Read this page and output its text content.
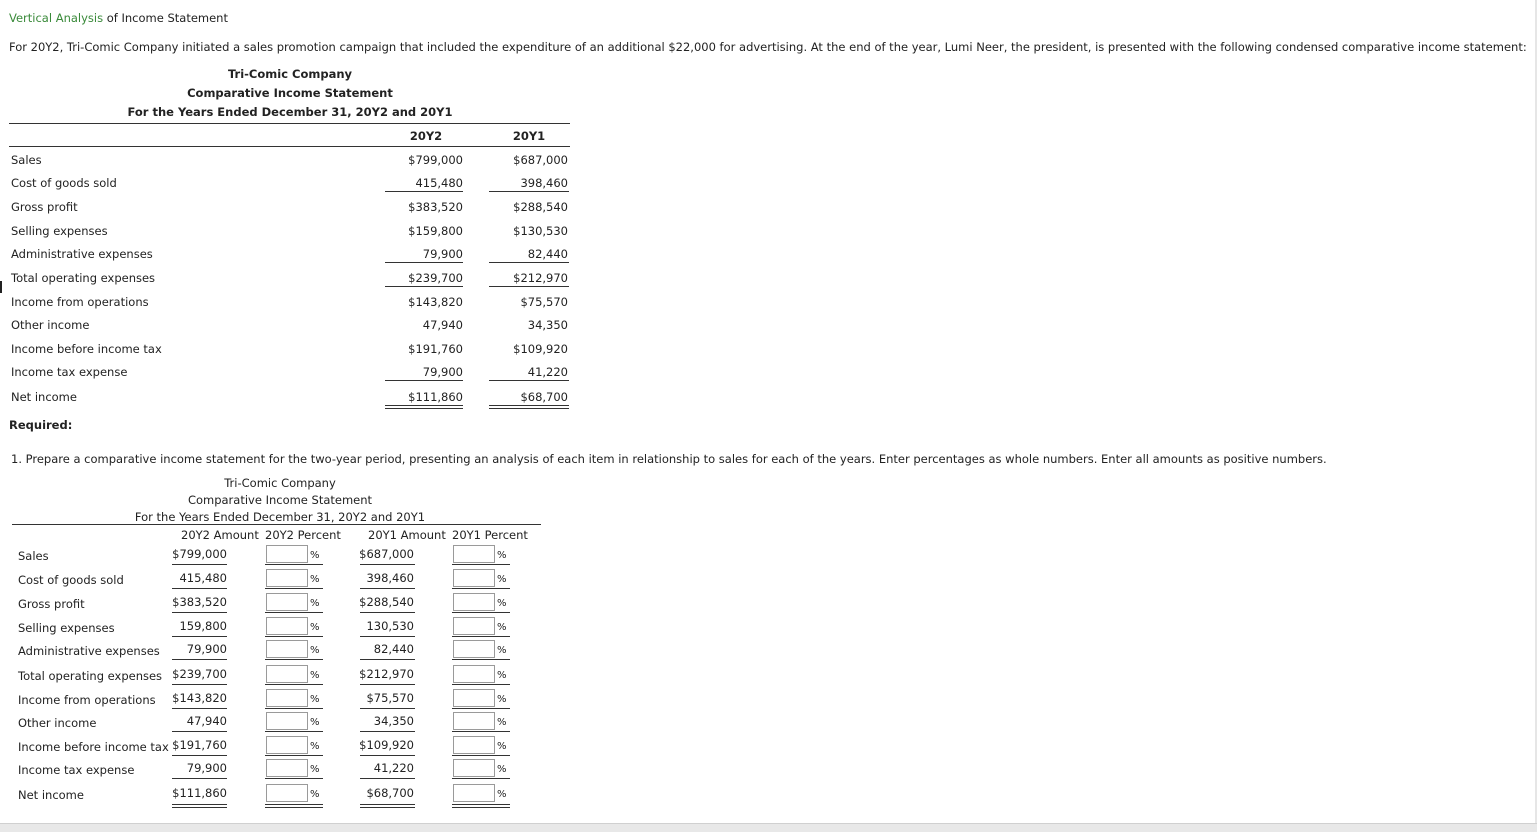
Vertical Analysis of Income Statement
For 20Y2, Tri-Comic Company initiated a sales promotion campaign that included the expenditure of an additional $22,000 for advertising. At the end of the year, Lumi Neer, the president, is presented with the following condensed comparative income statement:
Tri-Comic Company
Comparative Income Statement
For the Years Ended December 31, 20Y2 and 20Y1
20Y2	20Y1
Sales	$799,000	$687,000
Cost of goods sold	415,480	398,460
Gross profit	$383,520	$288,540
Selling expenses	$159,800	$130,530
Administrative expenses	79,900	82,440
Total operating expenses	$239,700	$212,970
Income from operations	$143,820	$75,570
Other income	47,940	34,350
Income before income tax	$191,760	$109,920
Income tax expense	79,900	41,220
Net income	$111,860	$68,700
Required:
1. Prepare a comparative income statement for the two-year period, presenting an analysis of each item in relationship to sales for each of the years. Enter percentages as whole numbers. Enter all amounts as positive numbers.
Tri-Comic Company
Comparative Income Statement
For the Years Ended December 31, 20Y2 and 20Y1
20Y2 Amount 20Y2 Percent 20Y1 Amount 20Y1 Percent
Sales	$799,000	%	$687,000	%
Cost of goods sold	415,480	%	398,460	%
Gross profit	$383,520	%	$288,540	%
Selling expenses	159,800	%	130,530	%
Administrative expenses	79,900	%	82,440	%
Total operating expenses $239,700	%	$212,970	%
Income from operations	$143,820	%	$75,570	%
Other income	47,940	%	34,350	%
Income before income tax $191,760	%	$109,920	%
Income tax expense	79,900	%	41,220	%
Net income	$111,860	%	$68,700	%
